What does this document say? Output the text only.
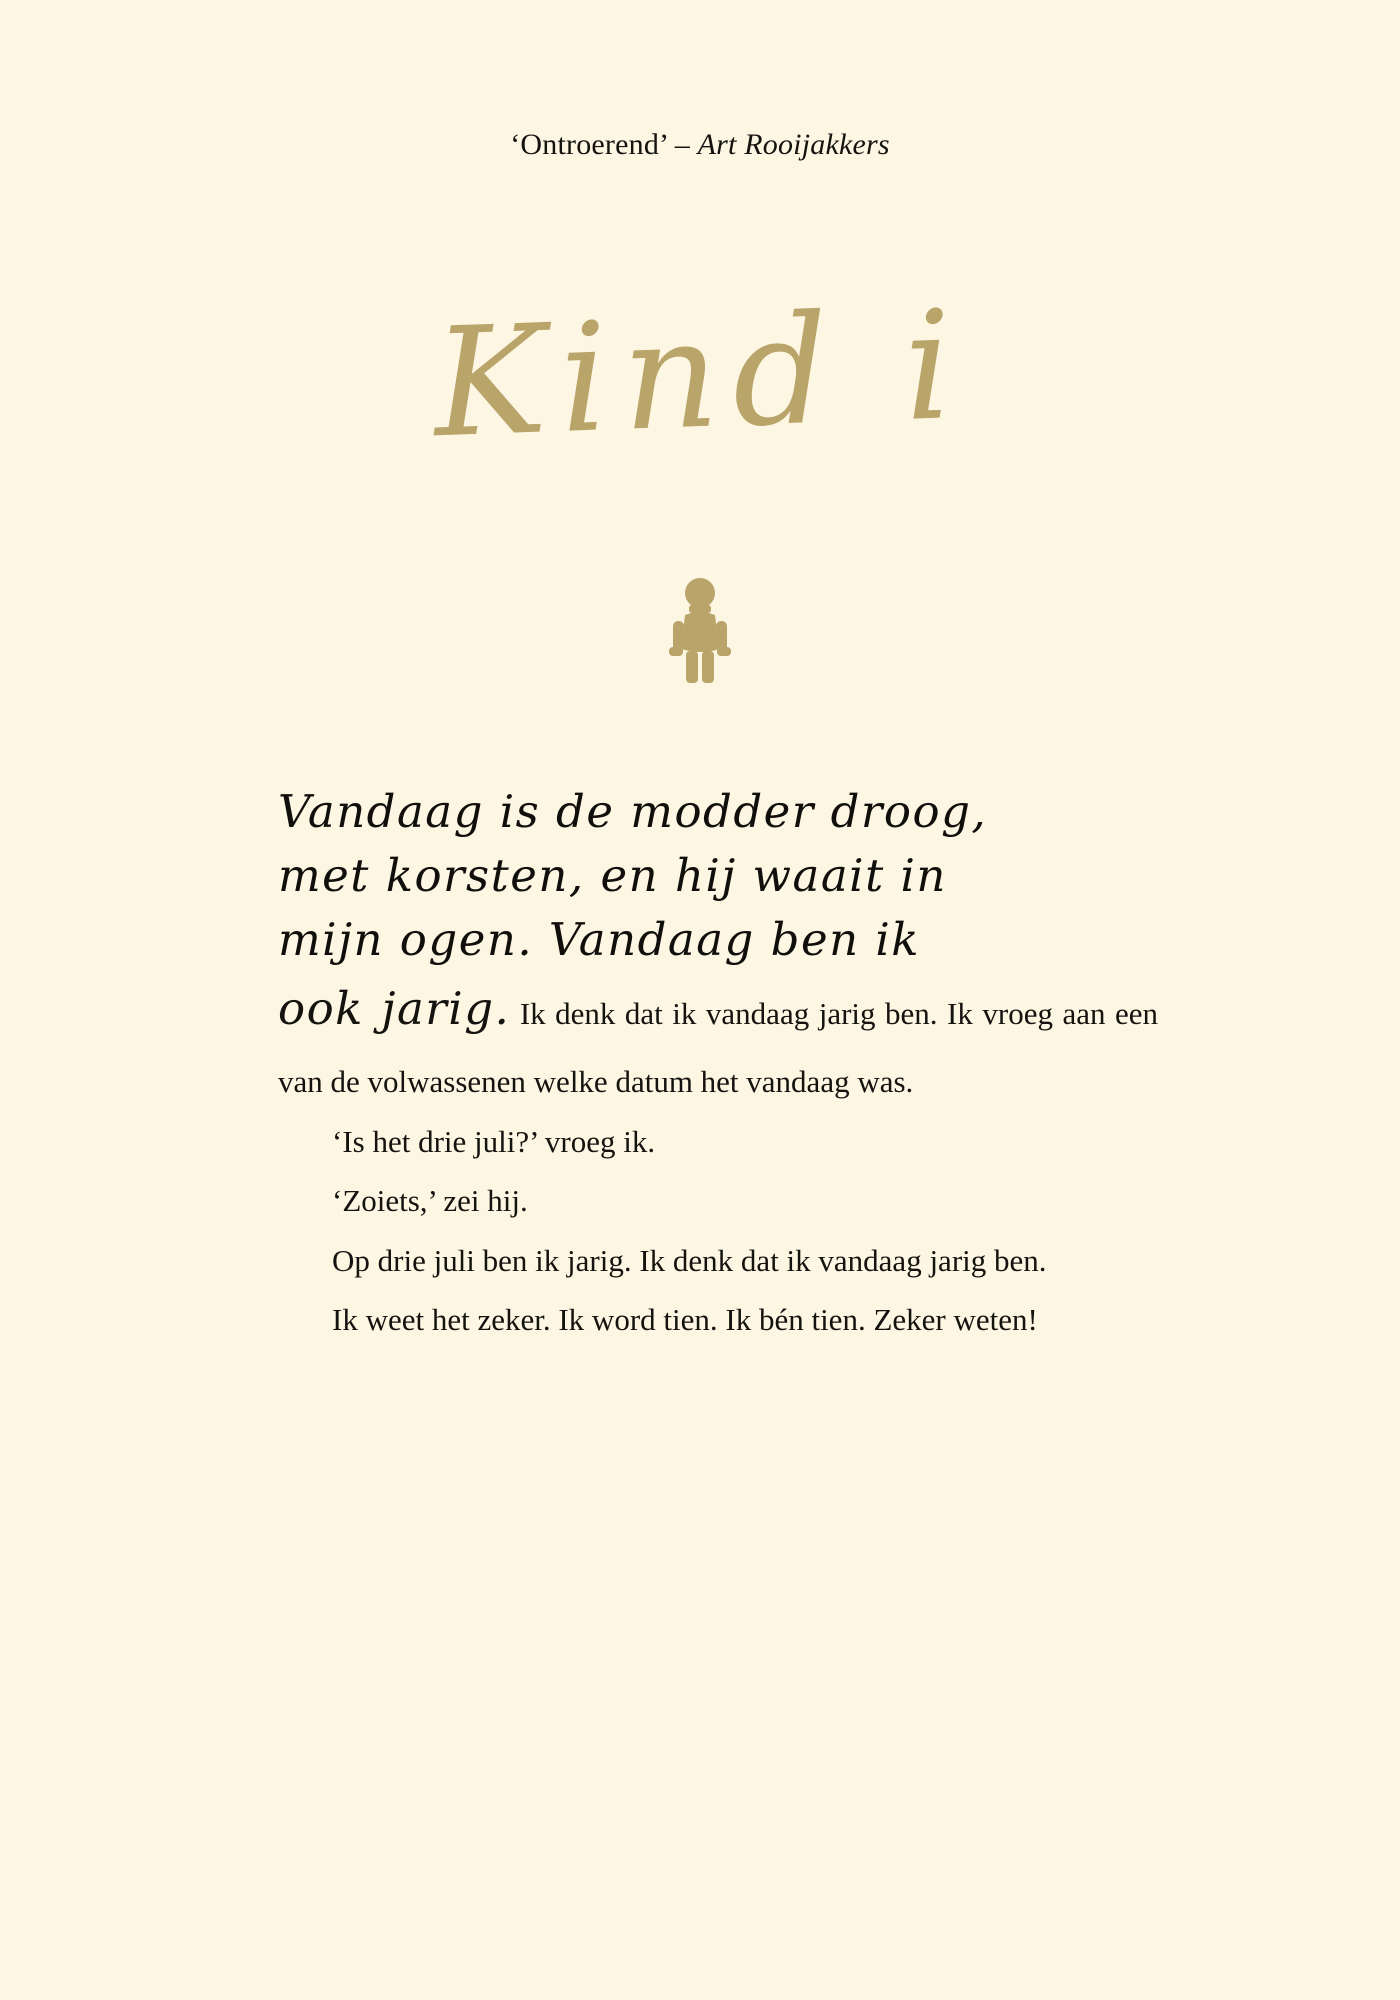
‘Ontroerend’ – Art Rooijakkers
Kind i
Vandaag is de modder droog,
met korsten, en hij waait in
mijn ogen. Vandaag ben ik

ook jarig. Ik denk dat ik vandaag jarig ben. Ik vroeg aan een van de volwassenen welke datum het vandaag was.

‘Is het drie juli?’ vroeg ik.

‘Zoiets,’ zei hij.

Op drie juli ben ik jarig. Ik denk dat ik vandaag jarig ben.

Ik weet het zeker. Ik word tien. Ik bén tien. Zeker weten!
